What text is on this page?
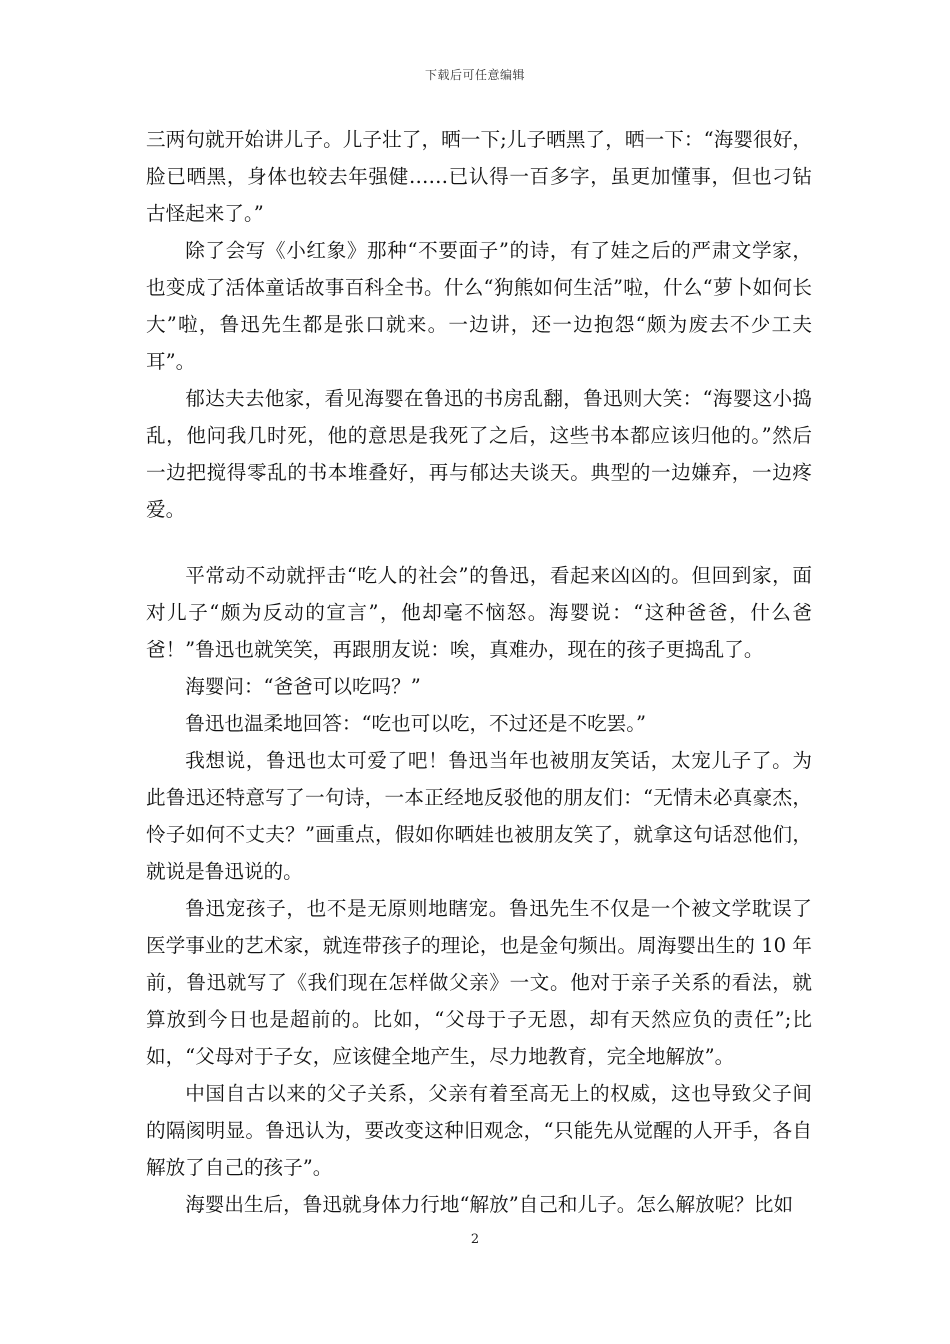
下载后可任意编辑

三两句就开始讲儿子。儿子壮了，晒一下;儿子晒黑了，晒一下：“海婴很好，脸已晒黑，身体也较去年强健……已认得一百多字，虽更加懂事，但也刁钻古怪起来了。”

除了会写《小红象》那种“不要面子”的诗，有了娃之后的严肃文学家，也变成了活体童话故事百科全书。什么“狗熊如何生活”啦，什么“萝卜如何长大”啦，鲁迅先生都是张口就来。一边讲，还一边抱怨“颇为废去不少工夫耳”。

郁达夫去他家，看见海婴在鲁迅的书房乱翻，鲁迅则大笑：“海婴这小捣乱，他问我几时死，他的意思是我死了之后，这些书本都应该归他的。”然后一边把搅得零乱的书本堆叠好，再与郁达夫谈天。典型的一边嫌弃，一边疼爱。

平常动不动就抨击“吃人的社会”的鲁迅，看起来凶凶的。但回到家，面对儿子“颇为反动的宣言”，他却毫不恼怒。海婴说：“这种爸爸，什么爸爸！”鲁迅也就笑笑，再跟朋友说：唉，真难办，现在的孩子更捣乱了。

海婴问：“爸爸可以吃吗？”

鲁迅也温柔地回答：“吃也可以吃，不过还是不吃罢。”

我想说，鲁迅也太可爱了吧！鲁迅当年也被朋友笑话，太宠儿子了。为此鲁迅还特意写了一句诗，一本正经地反驳他的朋友们：“无情未必真豪杰，怜子如何不丈夫？”画重点，假如你晒娃也被朋友笑了，就拿这句话怼他们，就说是鲁迅说的。

鲁迅宠孩子，也不是无原则地瞎宠。鲁迅先生不仅是一个被文学耽误了医学事业的艺术家，就连带孩子的理论，也是金句频出。周海婴出生的 10 年前，鲁迅就写了《我们现在怎样做父亲》一文。他对于亲子关系的看法，就算放到今日也是超前的。比如，“父母于子无恩，却有天然应负的责任”;比如，“父母对于子女，应该健全地产生，尽力地教育，完全地解放”。

中国自古以来的父子关系，父亲有着至高无上的权威，这也导致父子间的隔阂明显。鲁迅认为，要改变这种旧观念，“只能先从觉醒的人开手，各自解放了自己的孩子”。

海婴出生后，鲁迅就身体力行地“解放”自己和儿子。怎么解放呢？比如

2
